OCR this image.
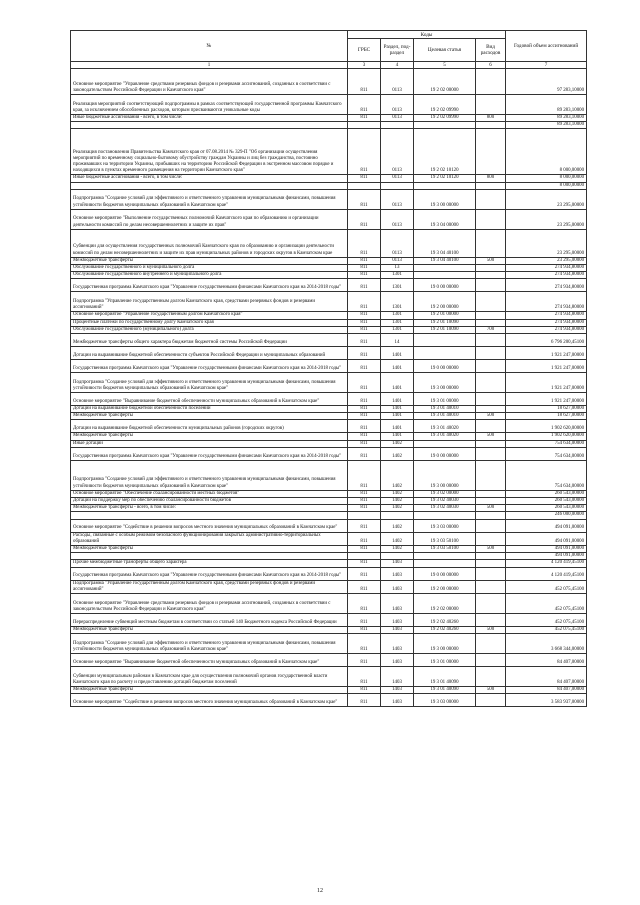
№	Коды				Годовой объем ассигнований
	ГРБС	Раздел, под-раздел	Целевая статья	Вид расходов	
1	3	4	5	6	7
Основное мероприятие "Управление средствами резервных фондов и резервами ассигнований, созданных в соответствии с законодательством Российской Федерации и Камчатского края"	811	0113	19 2 02 00000		97 283,10000
Реализация мероприятий соответствующей подпрограммы в рамках соответствующей государственной программы Камчатского края, за исключением обособленных расходов, которым присваиваются уникальные коды	811	0113	19 2 02 09990		89 283,10000
Иные бюджетные ассигнования - всего, в том числе:	811	0113	19 2 02 09990	800	89 283,10000
					89 283,10000
Реализация постановления Правительства Камчатского края от 07.08.2014 № 329-П "Об организации осуществления мероприятий по временному социально-бытовому обустройству граждан Украины и лиц без гражданства, постоянно проживавших на территории Украины, прибывших на территорию Российской Федерации в экстренном массовом порядке и находящихся в пунктах временного размещения на территории Камчатского края"	811	0113	19 2 02 10120		8 000,00000
Иные бюджетные ассигнования - всего, в том числе:	811	0113	19 2 02 10120	800	8 000,00000
					8 000,00000
Подпрограмма "Создание условий для эффективного и ответственного управления муниципальными финансами, повышения устойчивости бюджетов муниципальных образований в Камчатском крае"	811	0113	19 3 00 00000		23 295,00000
Основное мероприятие "Выполнение государственных полномочий Камчатского края по образованию и организации деятельности комиссий по делам несовершеннолетних и защите их прав"	811	0113	19 3 04 00000		23 295,00000
Субвенции для осуществления государственных полномочий Камчатского края по образованию и организации деятельности комиссий по делам несовершеннолетних и защите их прав муниципальных районов и городских округов в Камчатском крае	811	0113	19 3 04 40100		23 295,00000
Межбюджетные трансферты	811	0113	19 3 04 40100	500	23 295,00000
Обслуживание государственного и муниципального долга	811	13			274 934,80000
Обслуживание государственного внутреннего и муниципального долга	811	1301			274 934,80000
Государственная программа Камчатского края "Управление государственными финансами Камчатского края на 2014-2018 годы"	811	1301	19 0 00 00000		274 934,80000
Подпрограмма "Управление государственным долгом Камчатского края, средствами резервных фондов и резервами ассигнований"	811	1301	19 2 00 00000		274 934,80000
Основное мероприятие "Управление государственным долгом Камчатского края"	811	1301	19 2 01 00000		274 934,80000
Процентные платежи по государственному долгу Камчатского края	811	1301	19 2 01 10090		274 934,80000
Обслуживание государственного (муниципального) долга	811	1301	19 2 01 10090	700	274 934,80000
Межбюджетные трансферты общего характера бюджетам бюджетной системы Российской Федерации	811	14			6 796 200,45100
Дотации на выравнивание бюджетной обеспеченности субъектов Российской Федерации и муниципальных образований	811	1401			1 921 247,00000
Государственная программа Камчатского края "Управление государственными финансами Камчатского края на 2014-2018 годы"	811	1401	19 0 00 00000		1 921 247,00000
Подпрограмма "Создание условий для эффективного и ответственного управления муниципальными финансами, повышения устойчивости бюджетов муниципальных образований в Камчатском крае"	811	1401	19 3 00 00000		1 921 247,00000
Основное мероприятие "Выравнивание бюджетной обеспеченности муниципальных образований в Камчатском крае"	811	1401	19 3 01 00000		1 921 247,00000
Дотации на выравнивание бюджетной обеспеченности поселений	811	1401	19 3 01 40010		18 627,00000
Межбюджетные трансферты	811	1401	19 3 01 40010	500	18 627,00000
Дотации на выравнивание бюджетной обеспеченности муниципальных районов (городских округов)	811	1401	19 3 01 40020		1 902 620,00000
Межбюджетные трансферты	811	1401	19 3 01 40020	500	1 902 620,00000
Иные дотации	811	1402			754 634,00000
Государственная программа Камчатского края "Управление государственными финансами Камчатского края на 2014-2018 годы"	811	1402	19 0 00 00000		754 634,00000
Подпрограмма "Создание условий для эффективного и ответственного управления муниципальными финансами, повышения устойчивости бюджетов муниципальных образований в Камчатском крае"	811	1402	19 3 00 00000		754 634,00000
Основное мероприятие "Обеспечение сбалансированности местных бюджетов"	811	1402	19 3 02 00000		260 543,00000
Дотации на поддержку мер по обеспечению сбалансированности бюджетов	811	1402	19 3 02 40030		260 543,00000
Межбюджетные трансферты - всего, в том числе:	811	1402	19 3 02 40030	500	260 543,00000
					246 000,00000
Основное мероприятие "Содействие в решении вопросов местного значения муниципальных образований в Камчатском крае"	811	1402	19 3 03 00000		494 091,00000
Расходы, связанные с особым режимом безопасного функционирования закрытых административно-территориальных образований	811	1402	19 3 03 50100		494 091,00000
Межбюджетные трансферты	811	1402	19 3 03 50100	500	494 091,00000
					494 091,00000
Прочие межбюджетные трансферты общего характера	811	1403			4 120 419,45100
Государственная программа Камчатского края "Управление государственными финансами Камчатского края на 2014-2018 годы"	811	1403	19 0 00 00000		4 120 419,45100
Подпрограмма "Управление государственным долгом Камчатского края, средствами резервных фондов и резервами ассигнований"	811	1403	19 2 00 00000		452 075,45100
Основное мероприятие "Управление средствами резервных фондов и резервами ассигнований, созданных в соответствии с законодательством Российской Федерации и Камчатского края"	811	1403	19 2 02 00000		452 075,45100
Перераспределение субвенций местным бюджетам в соответствии со статьей 140 Бюджетного кодекса Российской Федерации	811	1403	19 2 02 40260		452 075,45100
Межбюджетные трансферты	811	1403	19 2 02 40260	500	452 075,45100
Подпрограмма "Создание условий для эффективного и ответственного управления муниципальными финансами, повышения устойчивости бюджетов муниципальных образований в Камчатском крае"	811	1403	19 3 00 00000		3 668 344,00000
Основное мероприятие "Выравнивание бюджетной обеспеченности муниципальных образований в Камчатском крае"	811	1403	19 3 01 00000		84 407,00000
Субвенции муниципальным районам в Камчатском крае для осуществления полномочий органов государственной власти Камчатского края по расчету и предоставлению дотаций бюджетам поселений	811	1403	19 3 01 40090		84 407,00000
Межбюджетные трансферты	811	1403	19 3 01 40090	500	84 407,00000
Основное мероприятие "Содействие в решении вопросов местного значения муниципальных образований в Камчатском крае"	811	1403	19 3 03 00000		3 583 937,00000
12
